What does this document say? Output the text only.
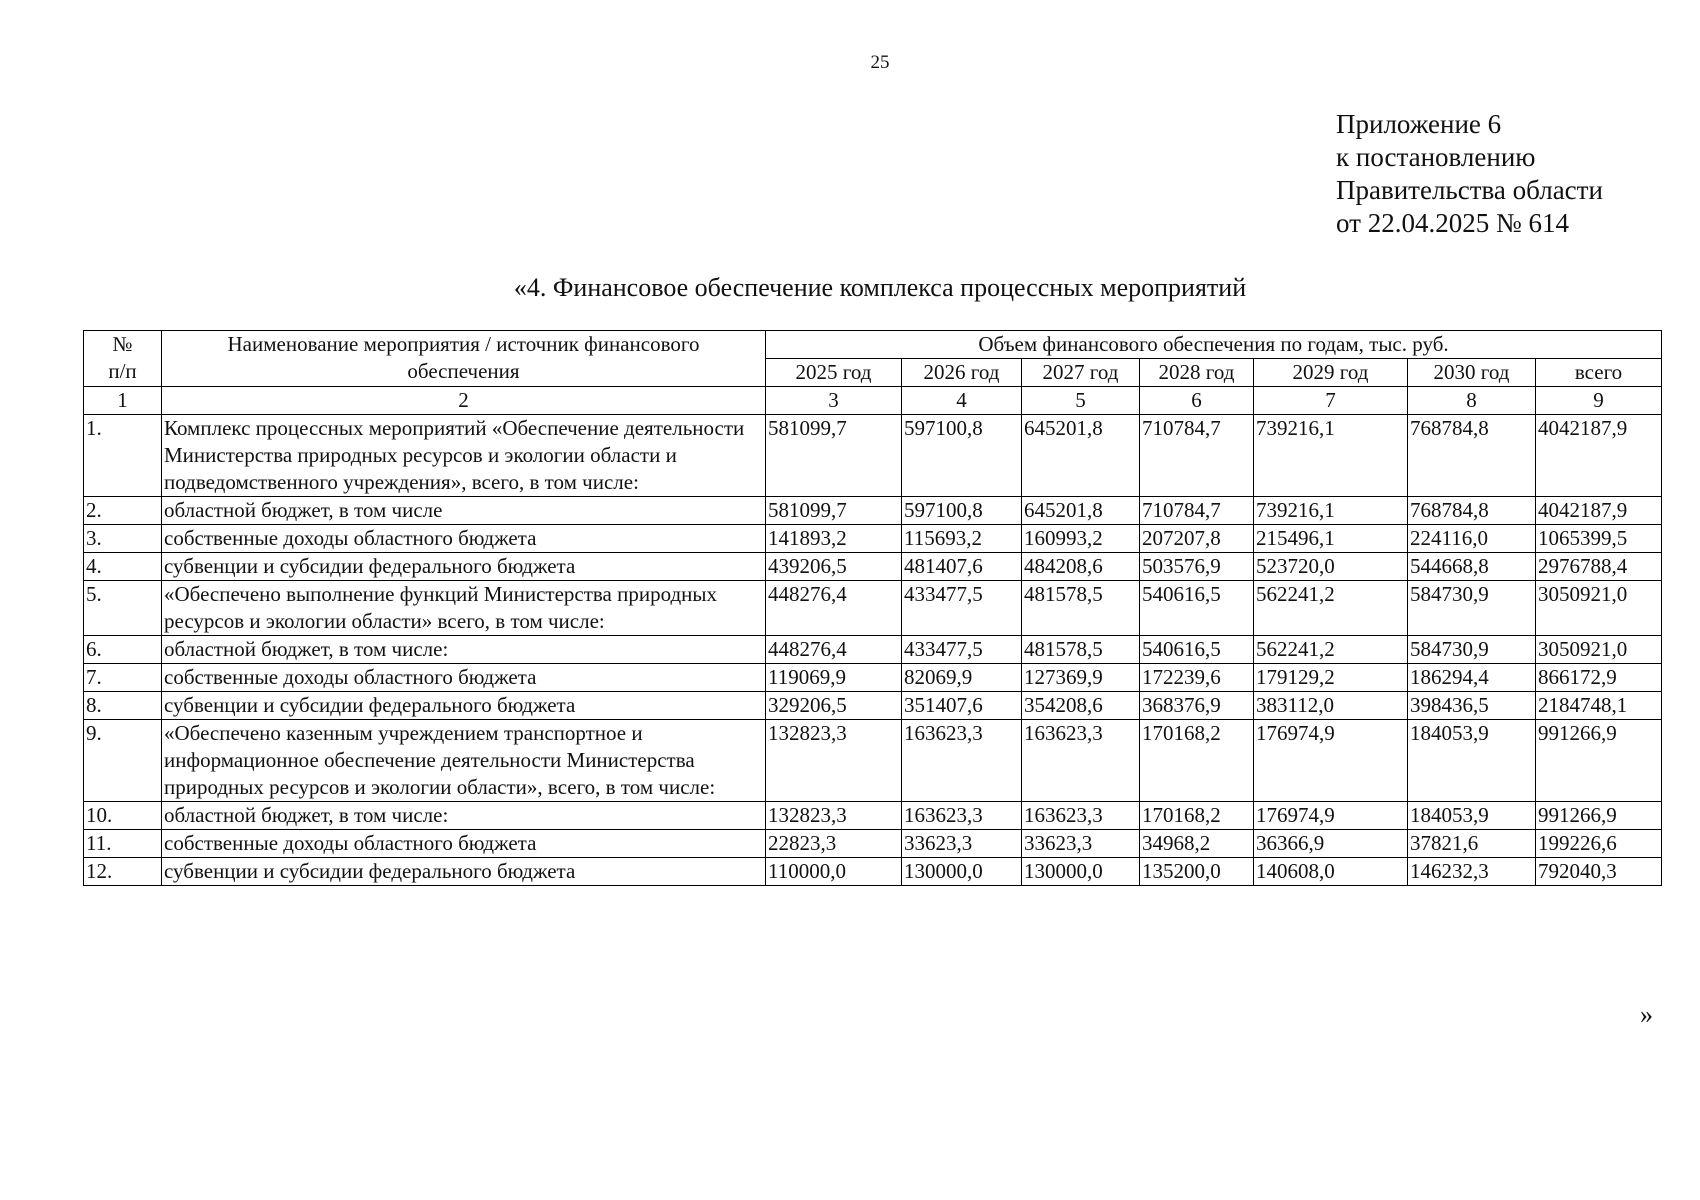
25
Приложение 6
к постановлению
Правительства области
от 22.04.2025 № 614
«4. Финансовое обеспечение комплекса процессных мероприятий
№
п/п	Наименование мероприятия / источник финансового обеспечения	Объем финансового обеспечения по годам, тыс. руб.						
		2025 год	2026 год	2027 год	2028 год	2029 год	2030 год	всего
1	2	3	4	5	6	7	8	9
1.	Комплекс процессных мероприятий «Обеспечение деятельности Министерства природных ресурсов и экологии области и подведомственного учреждения», всего, в том числе:	581099,7	597100,8	645201,8	710784,7	739216,1	768784,8	4042187,9
2.	областной бюджет, в том числе	581099,7	597100,8	645201,8	710784,7	739216,1	768784,8	4042187,9
3.	собственные доходы областного бюджета	141893,2	115693,2	160993,2	207207,8	215496,1	224116,0	1065399,5
4.	субвенции и субсидии федерального бюджета	439206,5	481407,6	484208,6	503576,9	523720,0	544668,8	2976788,4
5.	«Обеспечено выполнение функций Министерства природных ресурсов и экологии области» всего, в том числе:	448276,4	433477,5	481578,5	540616,5	562241,2	584730,9	3050921,0
6.	областной бюджет, в том числе:	448276,4	433477,5	481578,5	540616,5	562241,2	584730,9	3050921,0
7.	собственные доходы областного бюджета	119069,9	82069,9	127369,9	172239,6	179129,2	186294,4	866172,9
8.	субвенции и субсидии федерального бюджета	329206,5	351407,6	354208,6	368376,9	383112,0	398436,5	2184748,1
9.	«Обеспечено казенным учреждением транспортное и информационное обеспечение деятельности Министерства природных ресурсов и экологии области», всего, в том числе:	132823,3	163623,3	163623,3	170168,2	176974,9	184053,9	991266,9
10.	областной бюджет, в том числе:	132823,3	163623,3	163623,3	170168,2	176974,9	184053,9	991266,9
11.	собственные доходы областного бюджета	22823,3	33623,3	33623,3	34968,2	36366,9	37821,6	199226,6
12.	субвенции и субсидии федерального бюджета	110000,0	130000,0	130000,0	135200,0	140608,0	146232,3	792040,3
»
